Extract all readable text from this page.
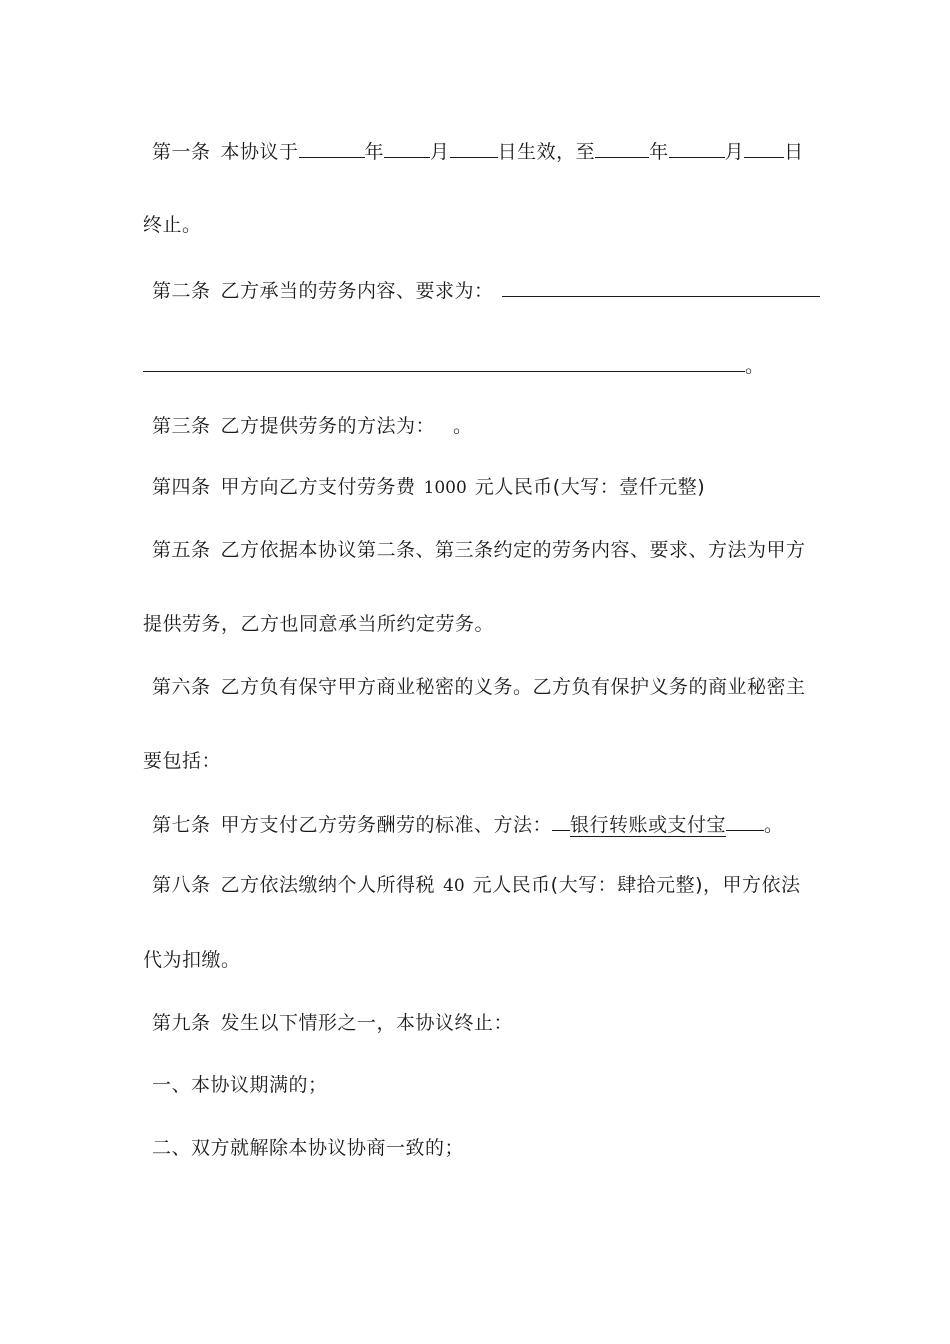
第一条 本协议于	年 月	日生效，至	年	月 日
终止。
第二条 乙方承当的劳务内容、要求为：
。
第三条 乙方提供劳务的方法为： 。
第四条 甲方向乙方支付劳务费 1000 元人民币(大写：壹仟元整)
第五条 乙方依据本协议第二条、第三条约定的劳务内容、要求、方法为甲方
提供劳务，乙方也同意承当所约定劳务。
第六条 乙方负有保守甲方商业秘密的义务。乙方负有保护义务的商业秘密主
要包括：
第七条 甲方支付乙方劳务酬劳的标准、方法： 银行转账或支付宝 。
第八条 乙方依法缴纳个人所得税 40 元人民币(大写：肆拾元整)，甲方依法
代为扣缴。
第九条 发生以下情形之一，本协议终止：
一、本协议期满的；
二、双方就解除本协议协商一致的；
